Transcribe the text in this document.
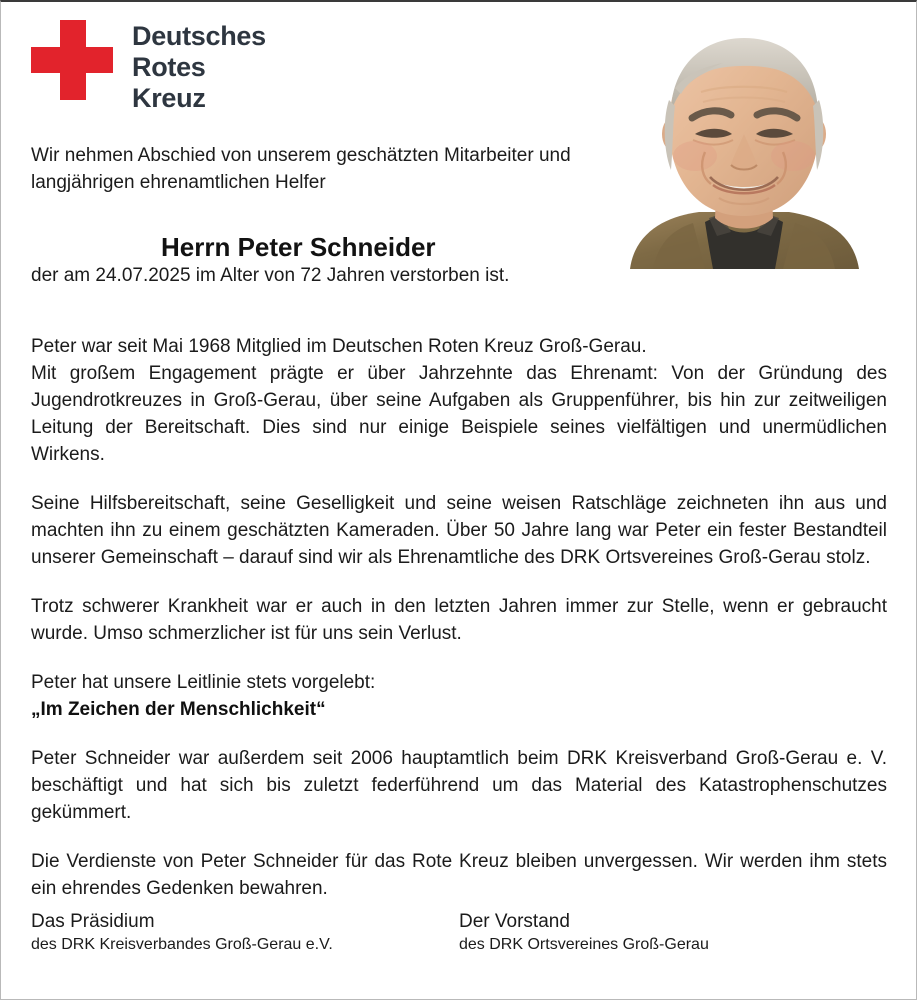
Deutsches
Rotes
Kreuz

Wir nehmen Abschied von unserem geschätzten Mitarbeiter und langjährigen ehrenamtlichen Helfer

Herrn Peter Schneider

der am 24.07.2025 im Alter von 72 Jahren verstorben ist.

Peter war seit Mai 1968 Mitglied im Deutschen Roten Kreuz Groß-Gerau.

Mit großem Engagement prägte er über Jahrzehnte das Ehrenamt: Von der Gründung des Jugendrotkreuzes in Groß-Gerau, über seine Aufgaben als Gruppenführer, bis hin zur zeitweiligen Leitung der Bereitschaft. Dies sind nur einige Beispiele seines vielfältigen und unermüdlichen Wirkens.

Seine Hilfsbereitschaft, seine Geselligkeit und seine weisen Ratschläge zeichneten ihn aus und machten ihn zu einem geschätzten Kameraden. Über 50 Jahre lang war Peter ein fester Bestandteil unserer Gemeinschaft – darauf sind wir als Ehrenamtliche des DRK Ortsvereines Groß-Gerau stolz.

Trotz schwerer Krankheit war er auch in den letzten Jahren immer zur Stelle, wenn er gebraucht wurde. Umso schmerzlicher ist für uns sein Verlust.

Peter hat unsere Leitlinie stets vorgelebt:

„Im Zeichen der Menschlichkeit“

Peter Schneider war außerdem seit 2006 hauptamtlich beim DRK Kreisverband Groß-Gerau e. V. beschäftigt und hat sich bis zuletzt federführend um das Material des Katastrophenschutzes gekümmert.

Die Verdienste von Peter Schneider für das Rote Kreuz bleiben unvergessen. Wir werden ihm stets ein ehrendes Gedenken bewahren.

Das Präsidium
des DRK Kreisverbandes Groß-Gerau e.V.
Der Vorstand
des DRK Ortsvereines Groß-Gerau
